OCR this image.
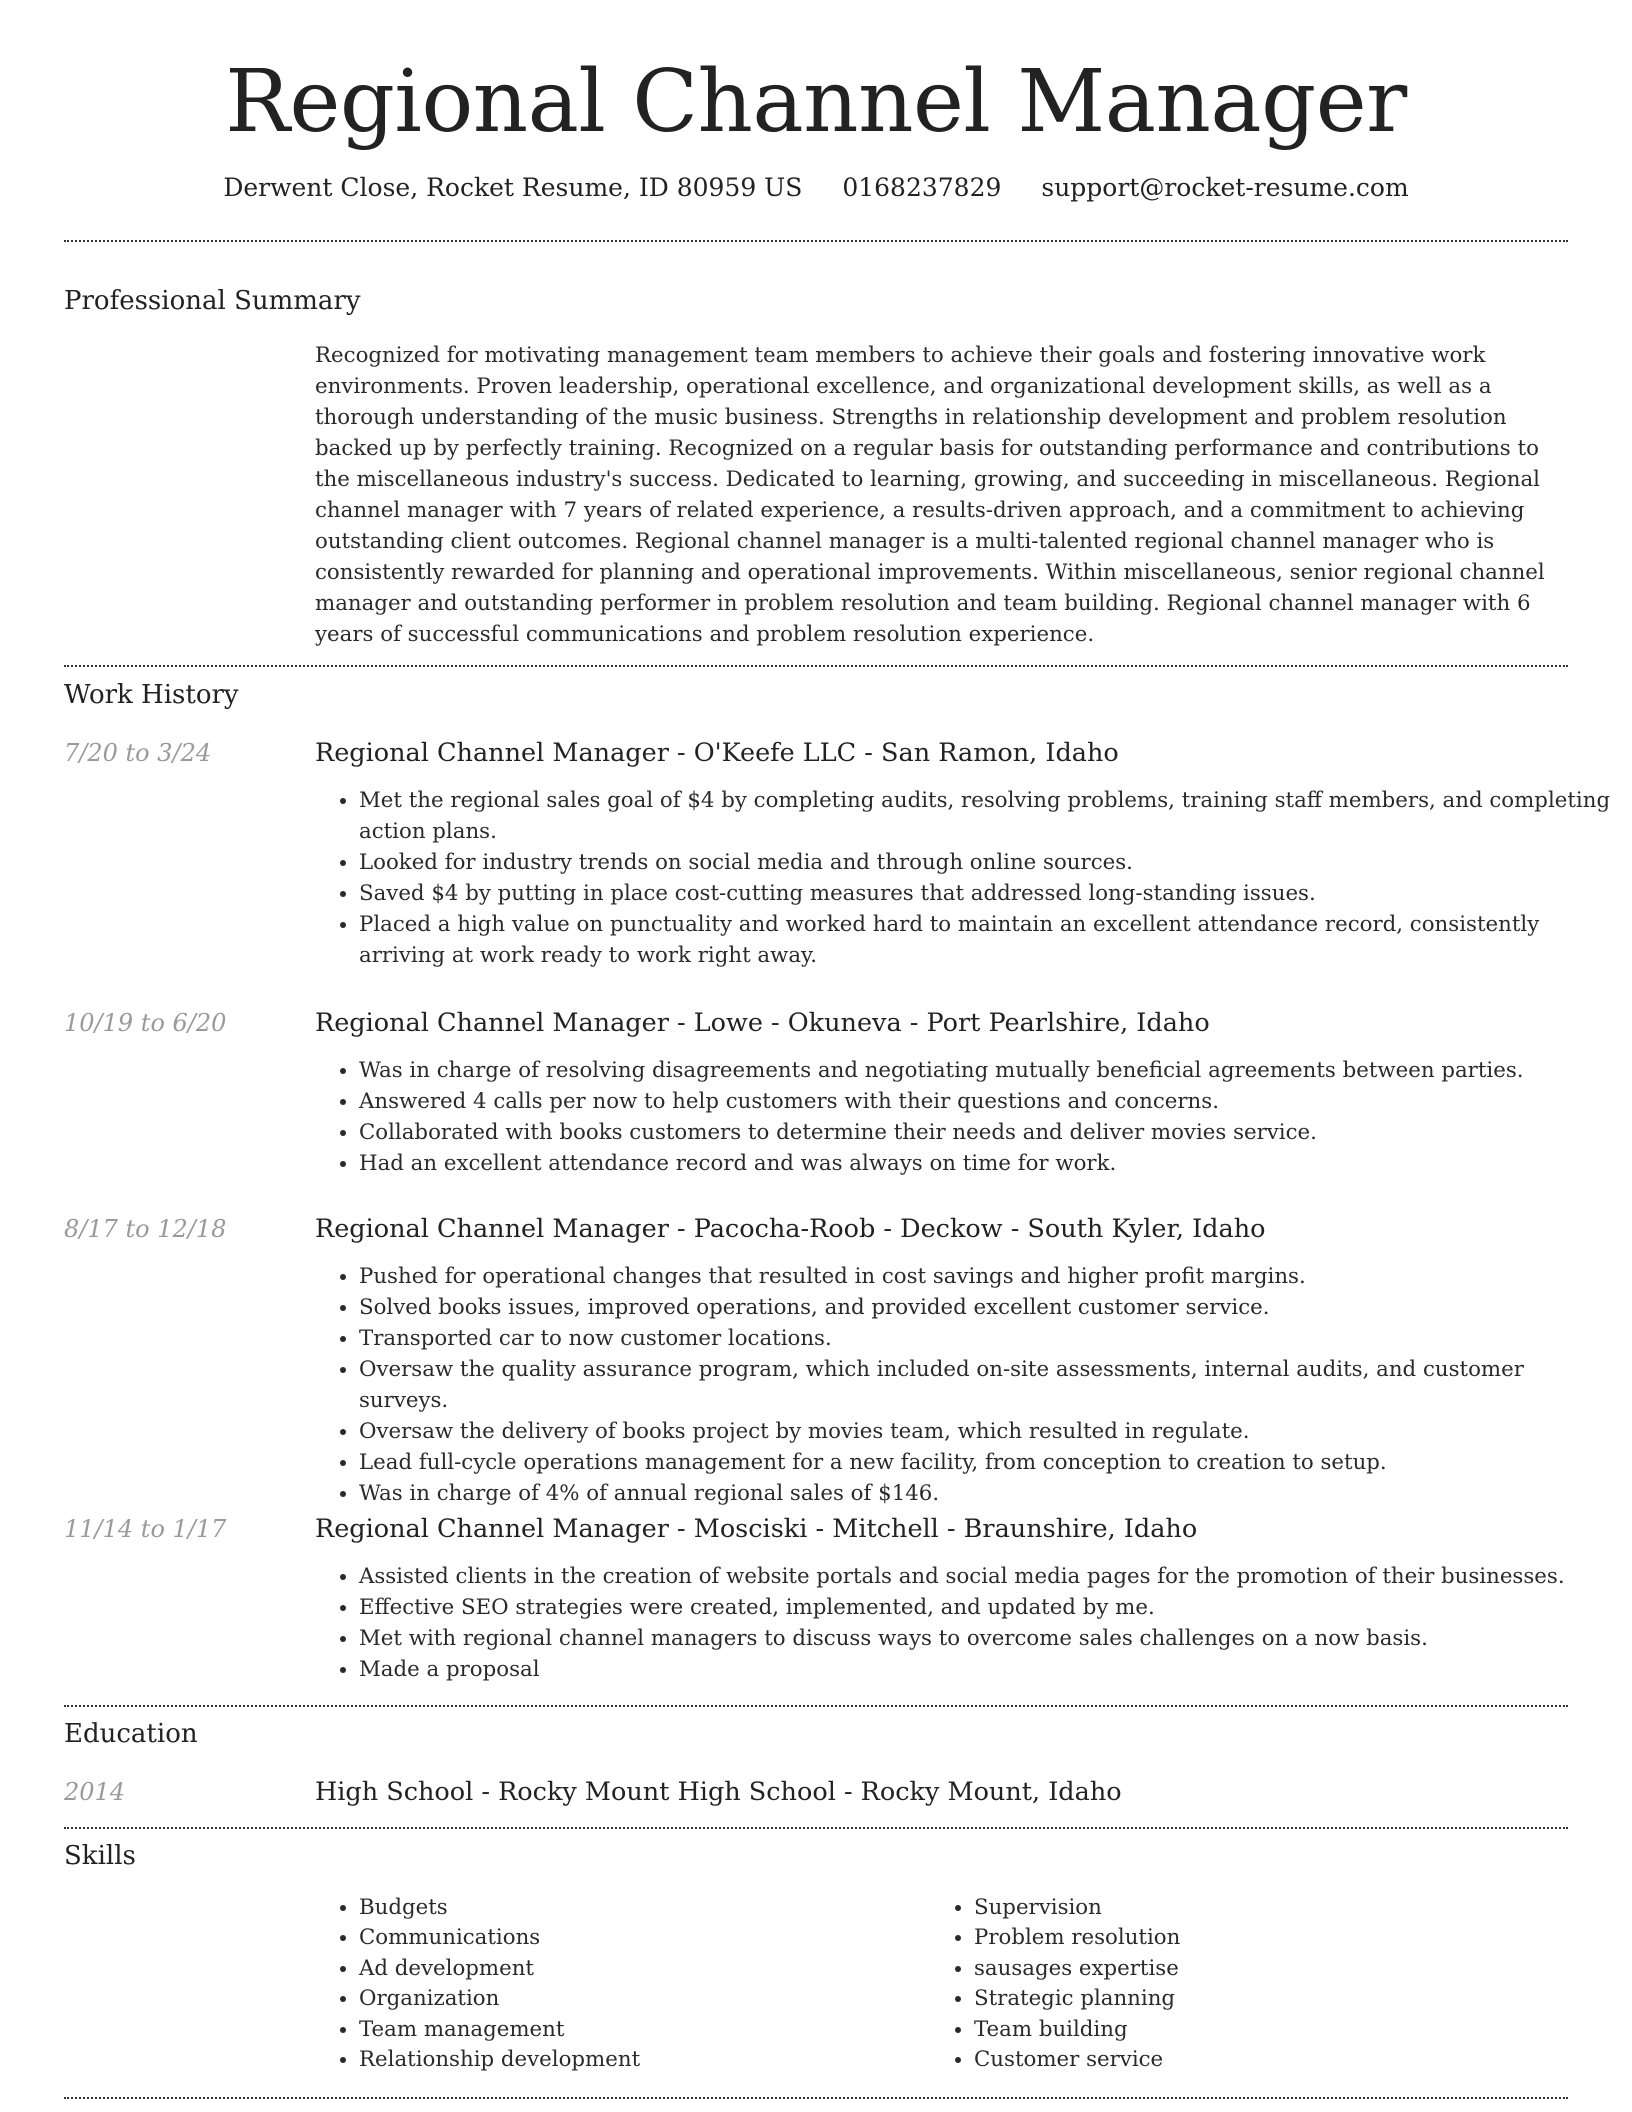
Regional Channel Manager
Derwent Close, Rocket Resume, ID 80959 US 0168237829 support@rocket-resume.com
Professional Summary

Recognized for motivating management team members to achieve their goals and fostering innovative work environments. Proven leadership, operational excellence, and organizational development skills, as well as a thorough understanding of the music business. Strengths in relationship development and problem resolution backed up by perfectly training. Recognized on a regular basis for outstanding performance and contributions to the miscellaneous industry's success. Dedicated to learning, growing, and succeeding in miscellaneous. Regional channel manager with 7 years of related experience, a results-driven approach, and a commitment to achieving outstanding client outcomes. Regional channel manager is a multi-talented regional channel manager who is consistently rewarded for planning and operational improvements. Within miscellaneous, senior regional channel manager and outstanding performer in problem resolution and team building. Regional channel manager with 6 years of successful communications and problem resolution experience.

Work History
7/20 to 3/24	Regional Channel Manager - O'Keefe LLC - San Ramon, Idaho
• Met the regional sales goal of $4 by completing audits, resolving problems, training staff members, and completing action plans.
• Looked for industry trends on social media and through online sources.
• Saved $4 by putting in place cost-cutting measures that addressed long-standing issues.
• Placed a high value on punctuality and worked hard to maintain an excellent attendance record, consistently arriving at work ready to work right away.
10/19 to 6/20	Regional Channel Manager - Lowe - Okuneva - Port Pearlshire, Idaho
• Was in charge of resolving disagreements and negotiating mutually beneficial agreements between parties.
• Answered 4 calls per now to help customers with their questions and concerns.
• Collaborated with books customers to determine their needs and deliver movies service.
• Had an excellent attendance record and was always on time for work.
8/17 to 12/18	Regional Channel Manager - Pacocha-Roob - Deckow - South Kyler, Idaho
• Pushed for operational changes that resulted in cost savings and higher profit margins.
• Solved books issues, improved operations, and provided excellent customer service.
• Transported car to now customer locations.
• Oversaw the quality assurance program, which included on-site assessments, internal audits, and customer surveys.
• Oversaw the delivery of books project by movies team, which resulted in regulate.
• Lead full-cycle operations management for a new facility, from conception to creation to setup.
• Was in charge of 4% of annual regional sales of $146.
11/14 to 1/17	Regional Channel Manager - Mosciski - Mitchell - Braunshire, Idaho
• Assisted clients in the creation of website portals and social media pages for the promotion of their businesses.
• Effective SEO strategies were created, implemented, and updated by me.
• Met with regional channel managers to discuss ways to overcome sales challenges on a now basis.
• Made a proposal
Education
2014	High School - Rocky Mount High School - Rocky Mount, Idaho
Skills
• Budgets
• Communications
• Ad development
• Organization
• Team management
• Relationship development
• Supervision
• Problem resolution
• sausages expertise
• Strategic planning
• Team building
• Customer service
